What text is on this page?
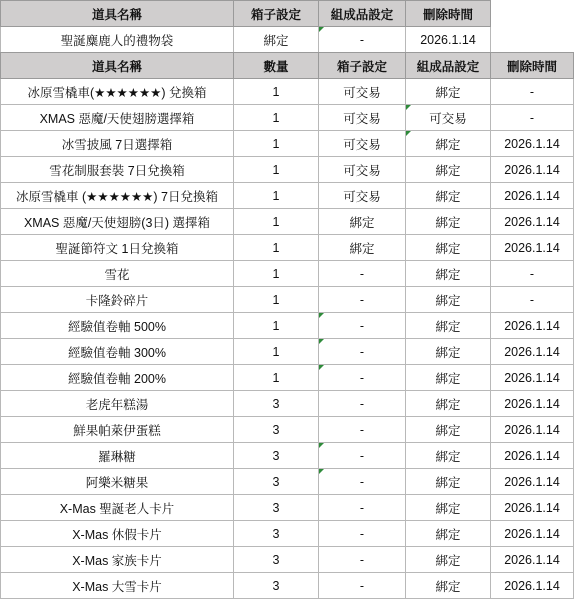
道具名稱	箱子設定	組成品設定	刪除時間
聖誕麋鹿人的禮物袋	綁定	-	2026.1.14
道具名稱	數量	箱子設定	組成品設定	刪除時間
冰原雪橇車(★★★★★★) 兌換箱	1	可交易	綁定	-
XMAS 惡魔/天使翅膀選擇箱	1	可交易	可交易	-
冰雪披風 7日選擇箱	1	可交易	綁定	2026.1.14
雪花制服套裝 7日兌換箱	1	可交易	綁定	2026.1.14
冰原雪橇車 (★★★★★★) 7日兌換箱	1	可交易	綁定	2026.1.14
XMAS 惡魔/天使翅膀(3日) 選擇箱	1	綁定	綁定	2026.1.14
聖誕節符文 1日兌換箱	1	綁定	綁定	2026.1.14
雪花	1	-	綁定	-
卡隆鈴碎片	1	-	綁定	-
經驗值卷軸 500%	1	-	綁定	2026.1.14
經驗值卷軸 300%	1	-	綁定	2026.1.14
經驗值卷軸 200%	1	-	綁定	2026.1.14
老虎年糕湯	3	-	綁定	2026.1.14
鮮果帕萊伊蛋糕	3	-	綁定	2026.1.14
羅琳糖	3	-	綁定	2026.1.14
阿樂米糖果	3	-	綁定	2026.1.14
X-Mas 聖誕老人卡片	3	-	綁定	2026.1.14
X-Mas 休假卡片	3	-	綁定	2026.1.14
X-Mas 家族卡片	3	-	綁定	2026.1.14
X-Mas 大雪卡片	3	-	綁定	2026.1.14
